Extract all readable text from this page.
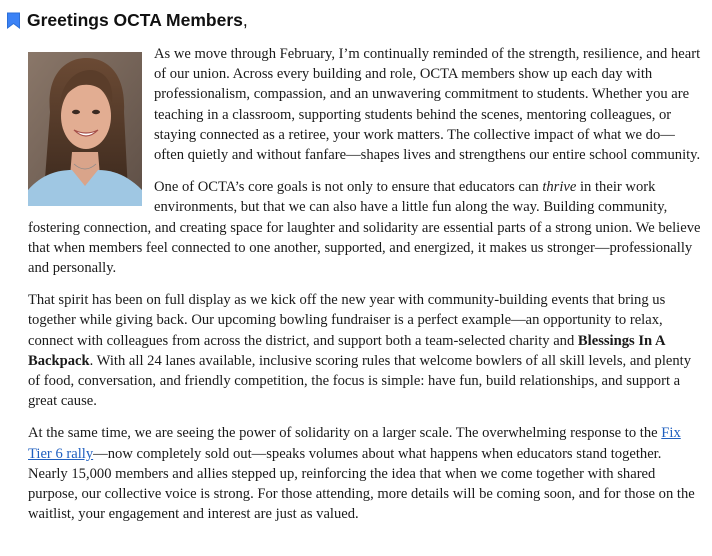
Greetings OCTA Members ,

As we move through February, I’m continually reminded of the strength, resilience, and heart of our union. Across every building and role, OCTA members show up each day with professionalism, compassion, and an unwavering commitment to students. Whether you are teaching in a classroom, supporting students behind the scenes, mentoring colleagues, or staying connected as a retiree, your work matters. The collective impact of what we do—often quietly and without fanfare—shapes lives and strengthens our entire school community.

One of OCTA’s core goals is not only to ensure that educators can thrive in their work environments, but that we can also have a little fun along the way. Building community, fostering connection, and creating space for laughter and solidarity are essential parts of a strong union. We believe that when members feel connected to one another, supported, and energized, it makes us stronger—professionally and personally.

That spirit has been on full display as we kick off the new year with community-building events that bring us together while giving back. Our upcoming bowling fundraiser is a perfect example—an opportunity to relax, connect with colleagues from across the district, and support both a team-selected charity and Blessings In A Backpack. With all 24 lanes available, inclusive scoring rules that welcome bowlers of all skill levels, and plenty of food, conversation, and friendly competition, the focus is simple: have fun, build relationships, and support a great cause.

At the same time, we are seeing the power of solidarity on a larger scale. The overwhelming response to the Fix Tier 6 rally—now completely sold out—speaks volumes about what happens when educators stand together. Nearly 15,000 members and allies stepped up, reinforcing the idea that when we come together with shared purpose, our collective voice is strong. For those attending, more details will be coming soon, and for those on the waitlist, your engagement and interest are just as valued.
